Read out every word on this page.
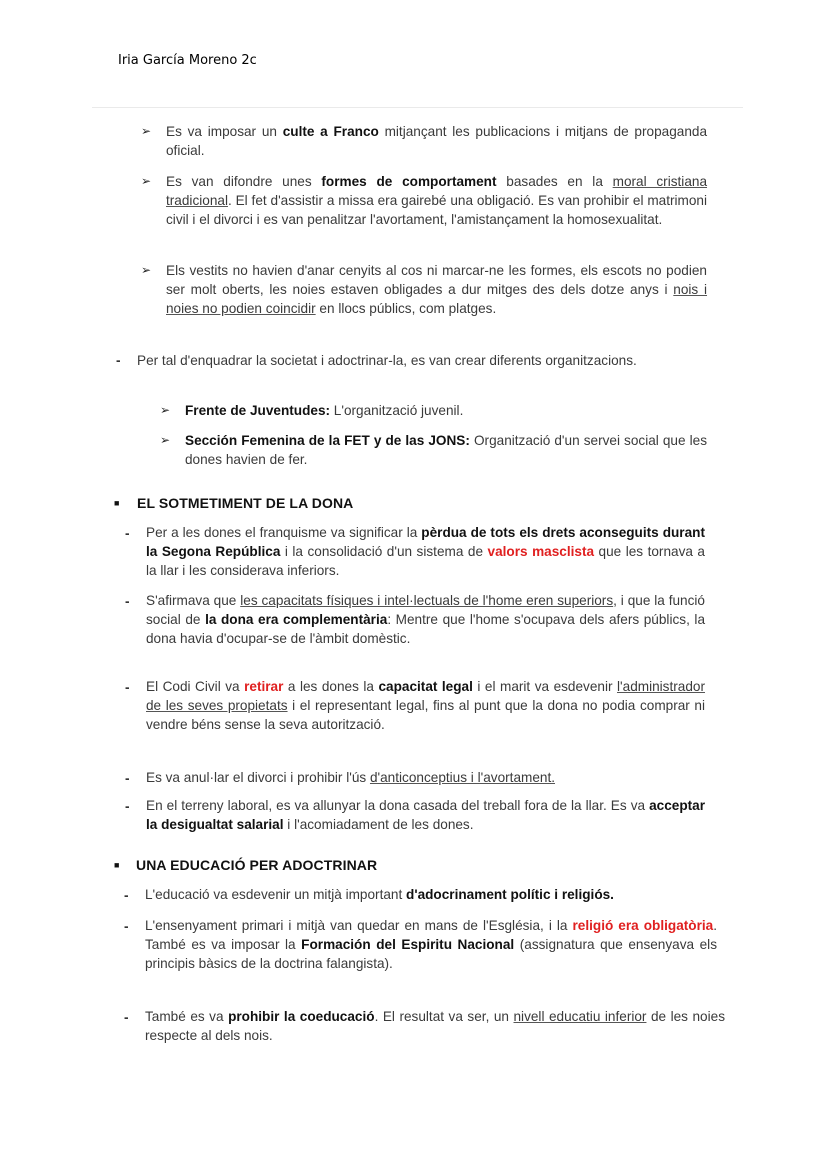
Iria García Moreno 2c
➢ Es va imposar un culte a Franco mitjançant les publicacions i mitjans de propaganda oficial.
➢ Es van difondre unes formes de comportament basades en la moral cristiana tradicional. El fet d'assistir a missa era gairebé una obligació. Es van prohibir el matrimoni civil i el divorci i es van penalitzar l'avortament, l'amistançament la homosexualitat.
➢ Els vestits no havien d'anar cenyits al cos ni marcar-ne les formes, els escots no podien ser molt oberts, les noies estaven obligades a dur mitges des dels dotze anys i nois i noies no podien coincidir en llocs públics, com platges.
- Per tal d'enquadrar la societat i adoctrinar-la, es van crear diferents organitzacions.
➢ Frente de Juventudes: L'organització juvenil.
➢ Sección Femenina de la FET y de las JONS: Organització d'un servei social que les dones havien de fer.
■ EL SOTMETIMENT DE LA DONA
- Per a les dones el franquisme va significar la pèrdua de tots els drets aconseguits durant la Segona República i la consolidació d'un sistema de valors masclista que les tornava a la llar i les considerava inferiors.
- S'afirmava que les capacitats físiques i intel·lectuals de l'home eren superiors, i que la funció social de la dona era complementària: Mentre que l'home s'ocupava dels afers públics, la dona havia d'ocupar-se de l'àmbit domèstic.
- El Codi Civil va retirar a les dones la capacitat legal i el marit va esdevenir l'administrador de les seves propietats i el representant legal, fins al punt que la dona no podia comprar ni vendre béns sense la seva autorització.
- Es va anul·lar el divorci i prohibir l'ús d'anticonceptius i l'avortament.
- En el terreny laboral, es va allunyar la dona casada del treball fora de la llar. Es va acceptar la desigualtat salarial i l'acomiadament de les dones.
■ UNA EDUCACIÓ PER ADOCTRINAR
- L'educació va esdevenir un mitjà important d'adocrinament polític i religiós.
- L'ensenyament primari i mitjà van quedar en mans de l'Església, i la religió era obligatòria. També es va imposar la Formación del Espiritu Nacional (assignatura que ensenyava els principis bàsics de la doctrina falangista).
- També es va prohibir la coeducació. El resultat va ser, un nivell educatiu inferior de les noies respecte al dels nois.
